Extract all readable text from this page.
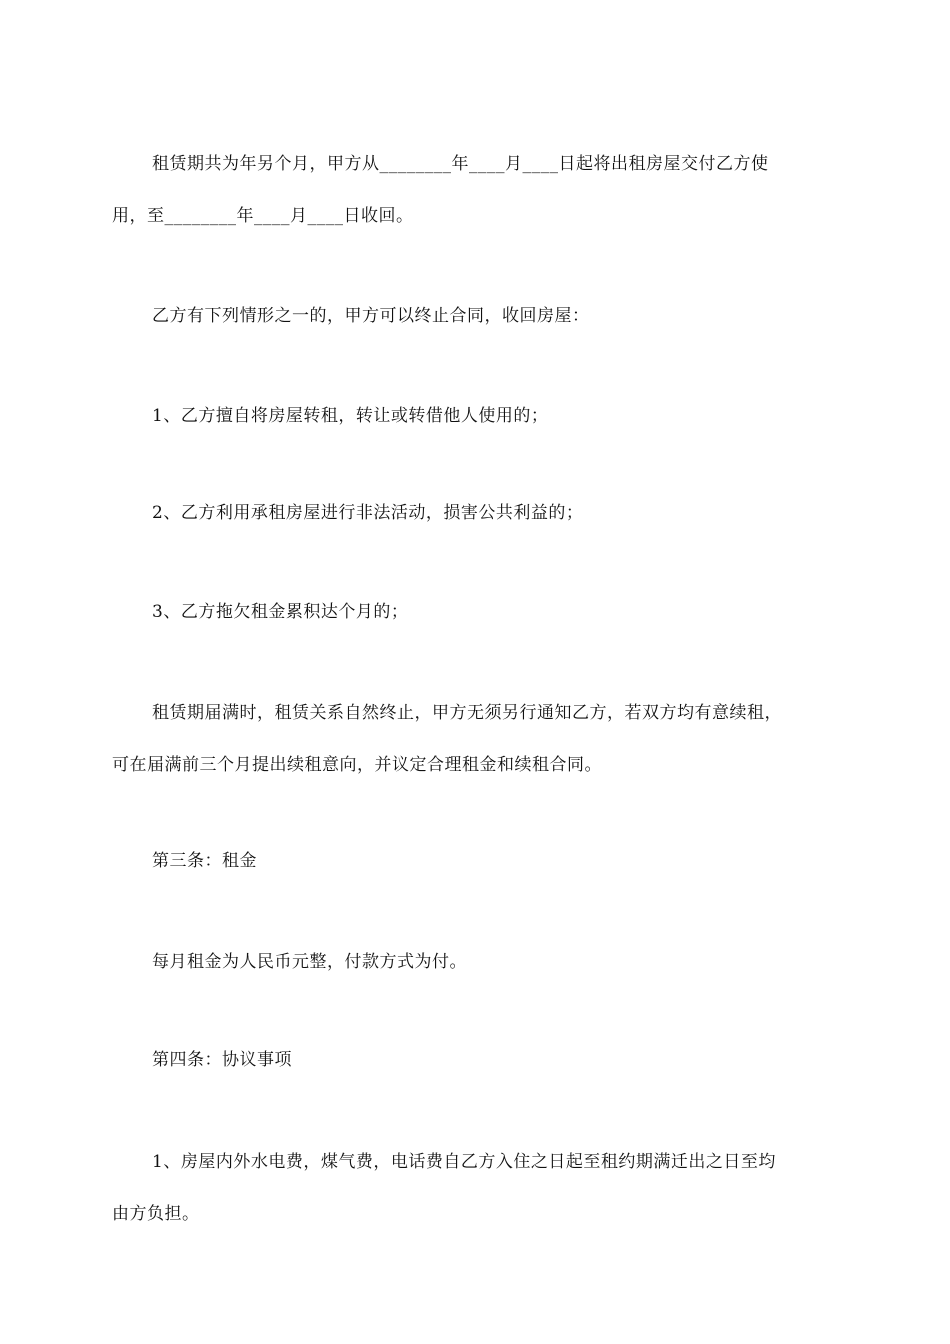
租赁期共为年另个月，甲方从________年____月____日起将出租房屋交付乙方使
用，至________年____月____日收回。
乙方有下列情形之一的，甲方可以终止合同，收回房屋：
1、乙方擅自将房屋转租，转让或转借他人使用的；
2、乙方利用承租房屋进行非法活动，损害公共利益的；
3、乙方拖欠租金累积达个月的；
租赁期届满时，租赁关系自然终止，甲方无须另行通知乙方，若双方均有意续租，
可在届满前三个月提出续租意向，并议定合理租金和续租合同。
第三条：租金
每月租金为人民币元整，付款方式为付。
第四条：协议事项
1、房屋内外水电费，煤气费，电话费自乙方入住之日起至租约期满迁出之日至均
由方负担。
